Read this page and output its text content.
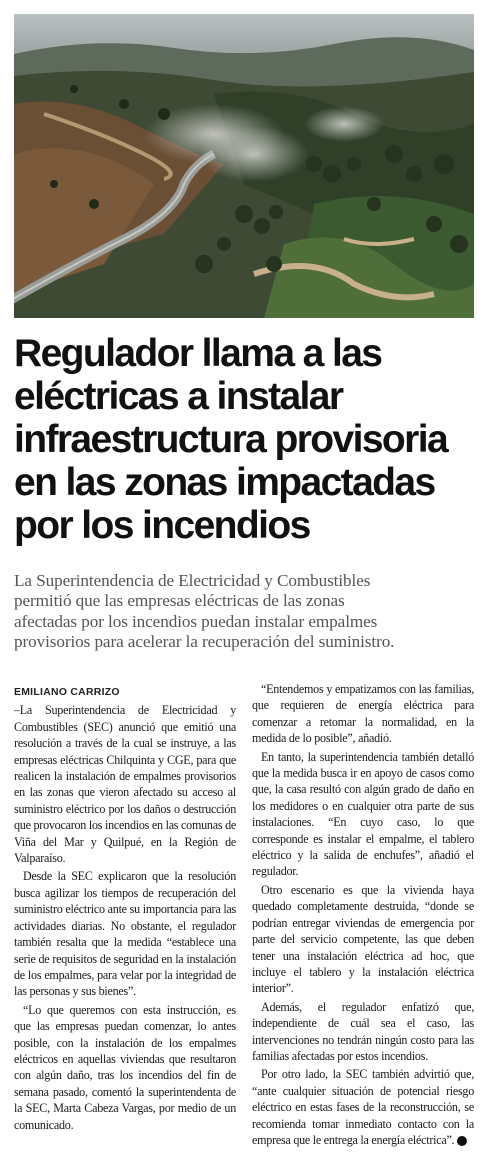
Regulador llama a las
eléctricas a instalar
infraestructura provisoria
en las zonas impactadas
por los incendios

La Superintendencia de Electricidad y Combustibles
permitió que las empresas eléctricas de las zonas
afectadas por los incendios puedan instalar empalmes
provisorios para acelerar la recuperación del suministro.

EMILIANO CARRIZO

–La Superintendencia de Electricidad y Combustibles (SEC) anunció que emitió una resolución a través de la cual se instruye, a las empresas eléctricas Chilquinta y CGE, para que realicen la instalación de empalmes provisorios en las zonas que vieron afectado su acceso al suministro eléctrico por los daños o destrucción que provocaron los incendios en las comunas de Viña del Mar y Quilpué, en la Región de Valparaíso.

Desde la SEC explicaron que la resolución busca agilizar los tiempos de recuperación del suministro eléctrico ante su importancia para las actividades diarias. No obstante, el regulador también resalta que la medida “establece una serie de requisitos de seguridad en la instalación de los empalmes, para velar por la integridad de las personas y sus bienes”.

“Lo que queremos con esta instrucción, es que las empresas puedan comenzar, lo antes posible, con la instalación de los empalmes eléctricos en aquellas viviendas que resultaron con algún daño, tras los incendios del fin de semana pasado, comentó la superintendenta de la SEC, Marta Cabeza Vargas, por medio de un comunicado.

“Entendemos y empatizamos con las familias, que requieren de energía eléctrica para comenzar a retomar la normalidad, en la medida de lo posible”, añadió.

En tanto, la superintendencia también detalló que la medida busca ir en apoyo de casos como que, la casa resultó con algún grado de daño en los medidores o en cualquier otra parte de sus instalaciones. “En cuyo caso, lo que corresponde es instalar el empalme, el tablero eléctrico y la salida de enchufes”, añadió el regulador.

Otro escenario es que la vivienda haya quedado completamente destruida, “donde se podrían entregar viviendas de emergencia por parte del servicio competente, las que deben tener una instalación eléctrica ad hoc, que incluye el tablero y la instalación eléctrica interior”.

Además, el regulador enfatizó que, independiente de cuál sea el caso, las intervenciones no tendrán ningún costo para las familias afectadas por estos incendios.

Por otro lado, la SEC también advirtió que, “ante cualquier situación de potencial riesgo eléctrico en estas fases de la reconstrucción, se recomienda tomar inmediato contacto con la empresa que le entrega la energía eléctrica”. P
